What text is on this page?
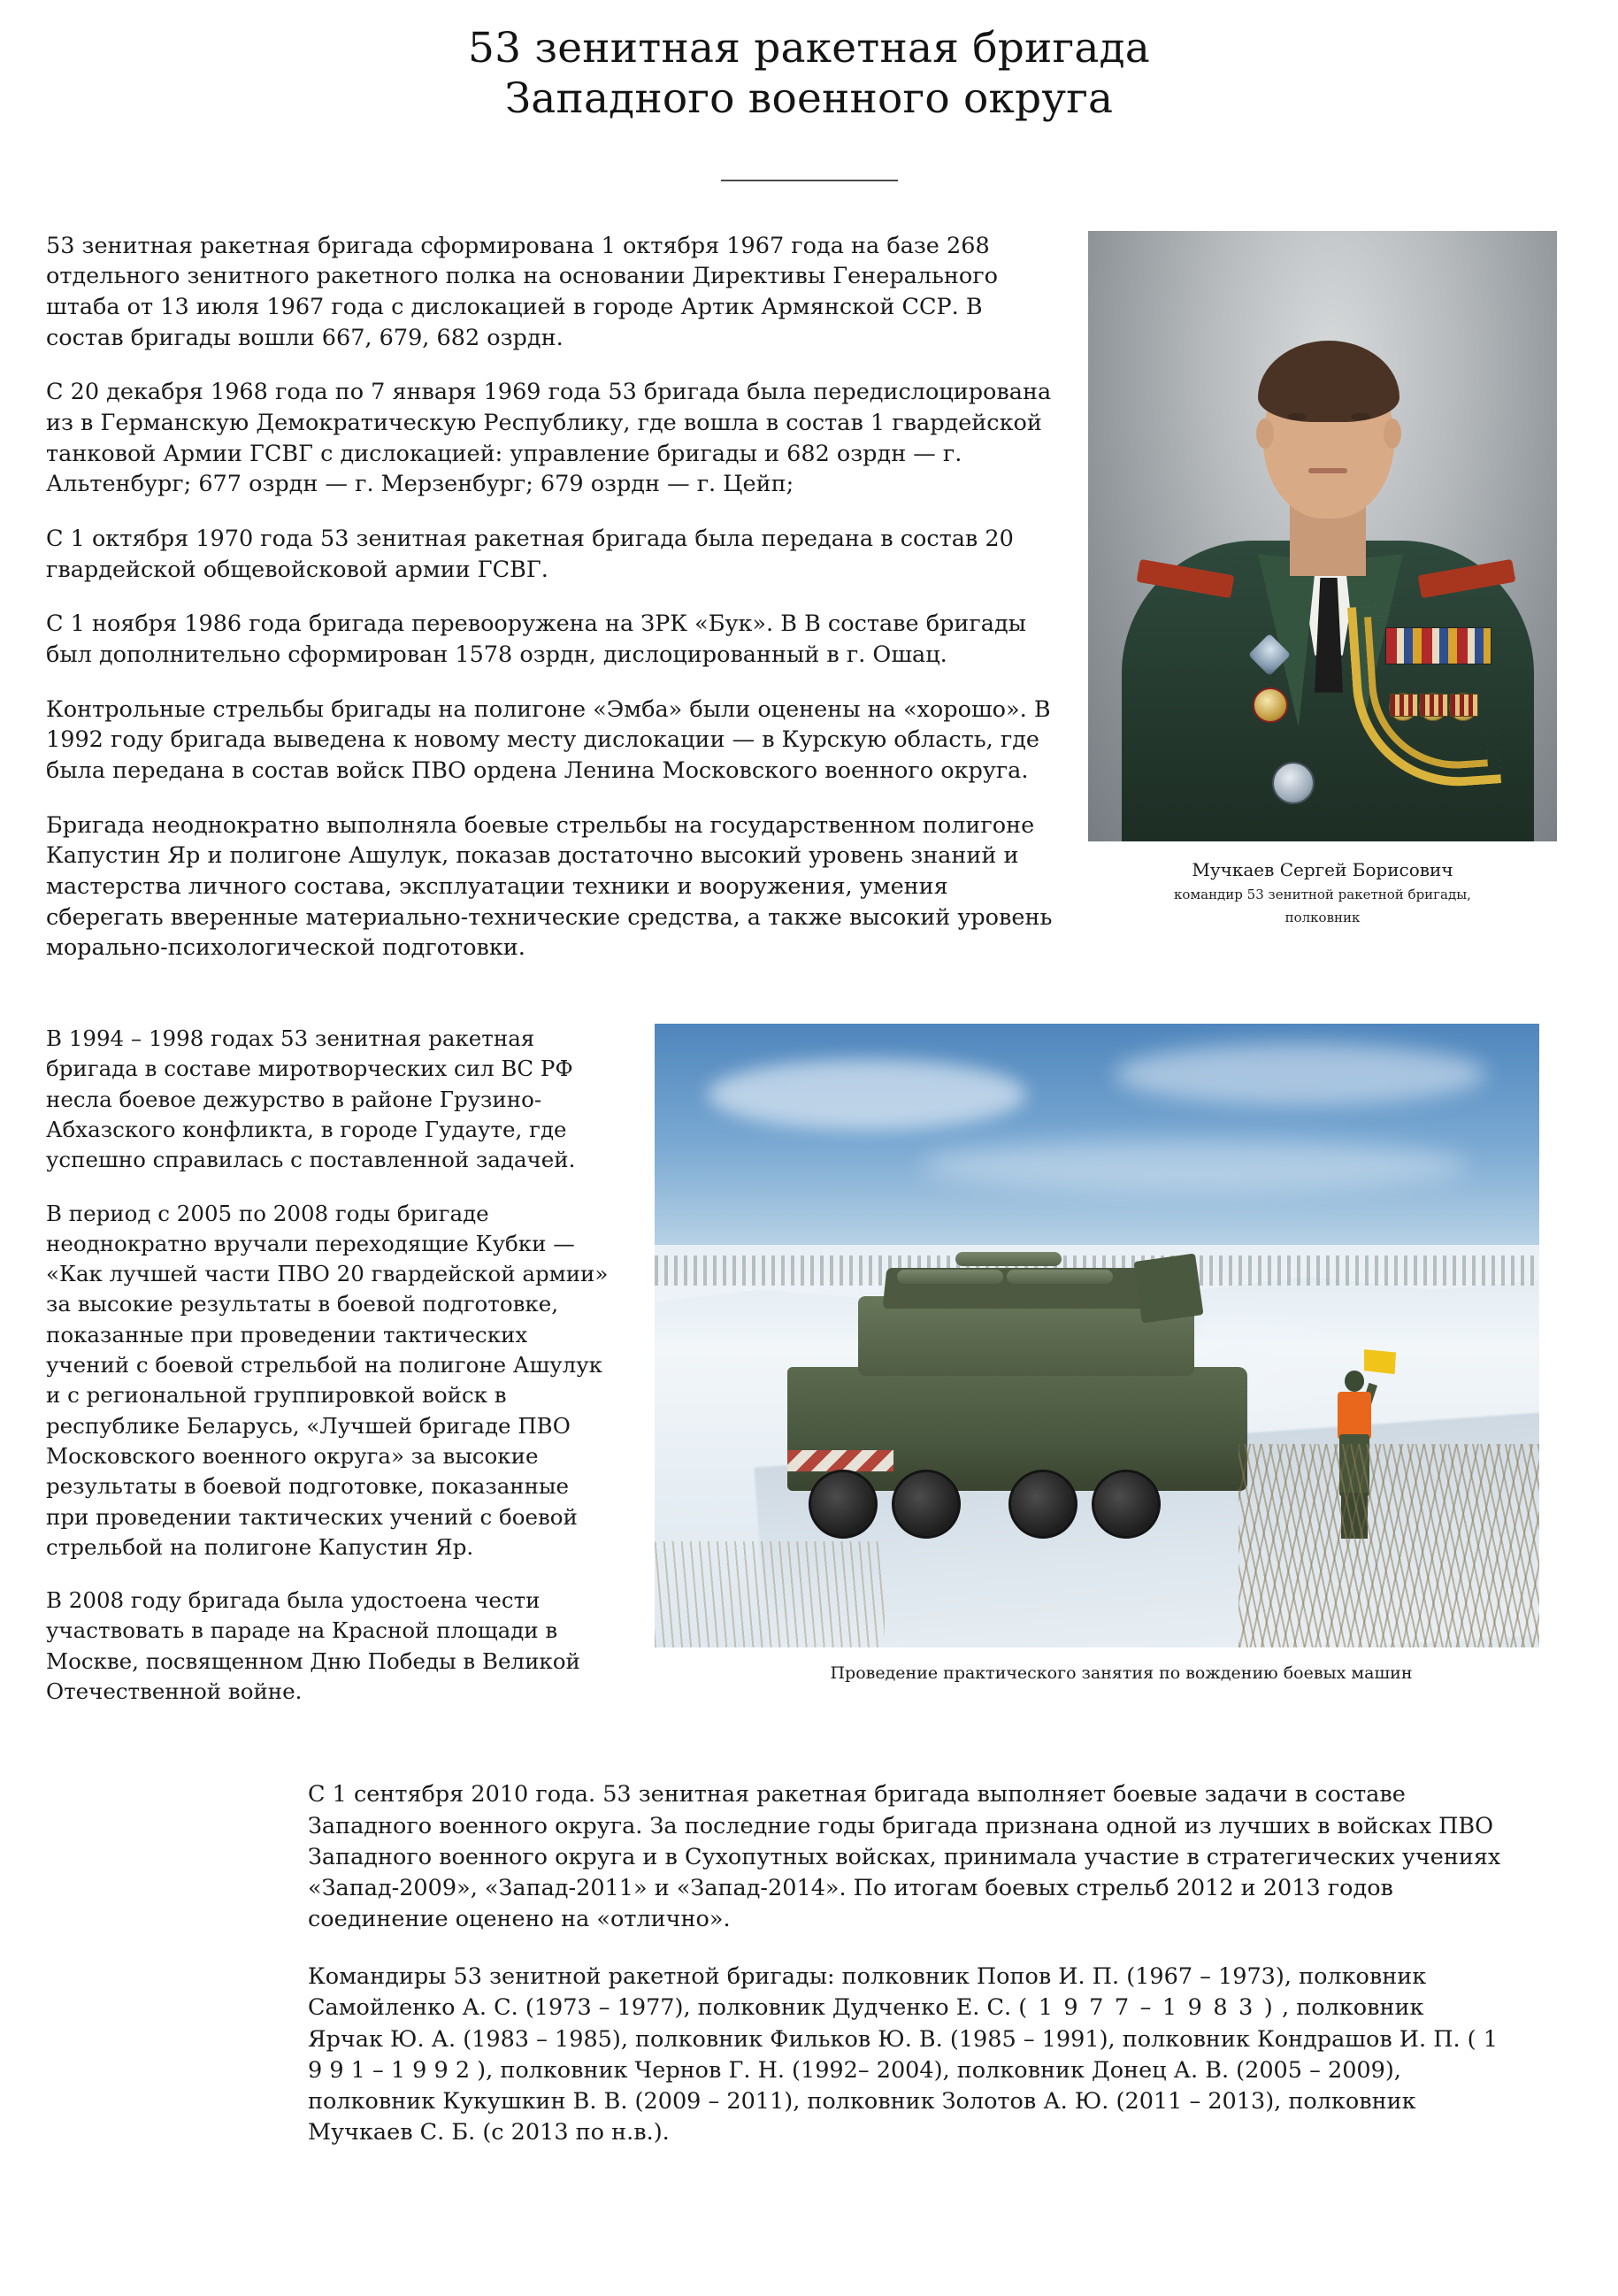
53 зенитная ракетная бригада
Западного военного округа

53 зенитная ракетная бригада сформирована 1 октября 1967 года на базе 268 отдельного зенитного ракетного полка на основании Директивы Генерального штаба от 13 июля 1967 года с дислокацией в городе Артик Армянской ССР. В состав бригады вошли 667, 679, 682 озрдн.

С 20 декабря 1968 года по 7 января 1969 года 53 бригада была передислоцирована из в Германскую Демократическую Республику, где вошла в состав 1 гвардейской танковой Армии ГСВГ с дислокацией: управление бригады и 682 озрдн — г. Альтенбург; 677 озрдн — г. Мерзенбург; 679 озрдн — г. Цейп;

С 1 октября 1970 года 53 зенитная ракетная бригада была передана в состав 20 гвардейской общевойсковой армии ГСВГ.

С 1 ноября 1986 года бригада перевооружена на ЗРК «Бук». В В составе бригады был дополнительно сформирован 1578 озрдн, дислоцированный в г. Ошац.

Контрольные стрельбы бригады на полигоне «Эмба» были оценены на «хорошо». В 1992 году бригада выведена к новому месту дислокации — в Курскую область, где была передана в состав войск ПВО ордена Ленина Московского военного округа.

Бригада неоднократно выполняла боевые стрельбы на государственном полигоне Капустин Яр и полигоне Ашулук, показав достаточно высокий уровень знаний и мастерства личного состава, эксплуатации техники и вооружения, умения сберегать вверенные материально-технические средства, а также высокий уровень морально-психологической подготовки.

Мучкаев Сергей Борисович
командир 53 зенитной ракетной бригады,
полковник

В 1994 – 1998 годах 53 зенитная ракетная бригада в составе миротворческих сил ВС РФ несла боевое дежурство в районе Грузино-Абхазского конфликта, в городе Гудауте, где успешно справилась с поставленной задачей.

В период с 2005 по 2008 годы бригаде неоднократно вручали переходящие Кубки — «Как лучшей части ПВО 20 гвардейской армии» за высокие результаты в боевой подготовке, показанные при проведении тактических учений с боевой стрельбой на полигоне Ашулук и с региональной группировкой войск в республике Беларусь, «Лучшей бригаде ПВО Московского военного округа» за высокие результаты в боевой подготовке, показанные при проведении тактических учений с боевой стрельбой на полигоне Капустин Яр.

В 2008 году бригада была удостоена чести участвовать в параде на Красной площади в Москве, посвященном Дню Победы в Великой Отечественной войне.

Проведение практического занятия по вождению боевых машин

С 1 сентября 2010 года. 53 зенитная ракетная бригада выполняет боевые задачи в составе Западного военного округа. За последние годы бригада признана одной из лучших в войсках ПВО Западного военного округа и в Сухопутных войсках, принимала участие в стратегических учениях «Запад-2009», «Запад-2011» и «Запад-2014». По итогам боевых стрельб 2012 и 2013 годов соединение оценено на «отлично».

Командиры 53 зенитной ракетной бригады: полковник Попов И. П. (1967 – 1973), полковник Самойленко А. С. (1973 – 1977), полковник Дудченко Е. С. ( 1 9 7 7 – 1 9 8 3 ) , полковник Ярчак Ю. А. (1983 – 1985), полковник Фильков Ю. В. (1985 – 1991), полковник Кондрашов И. П. ( 1 9 9 1 – 1 9 9 2 ), полковник Чернов Г. Н. (1992– 2004), полковник Донец А. В. (2005 – 2009), полковник Кукушкин В. В. (2009 – 2011), полковник Золотов А. Ю. (2011 – 2013), полковник Мучкаев С. Б. (с 2013 по н.в.).
